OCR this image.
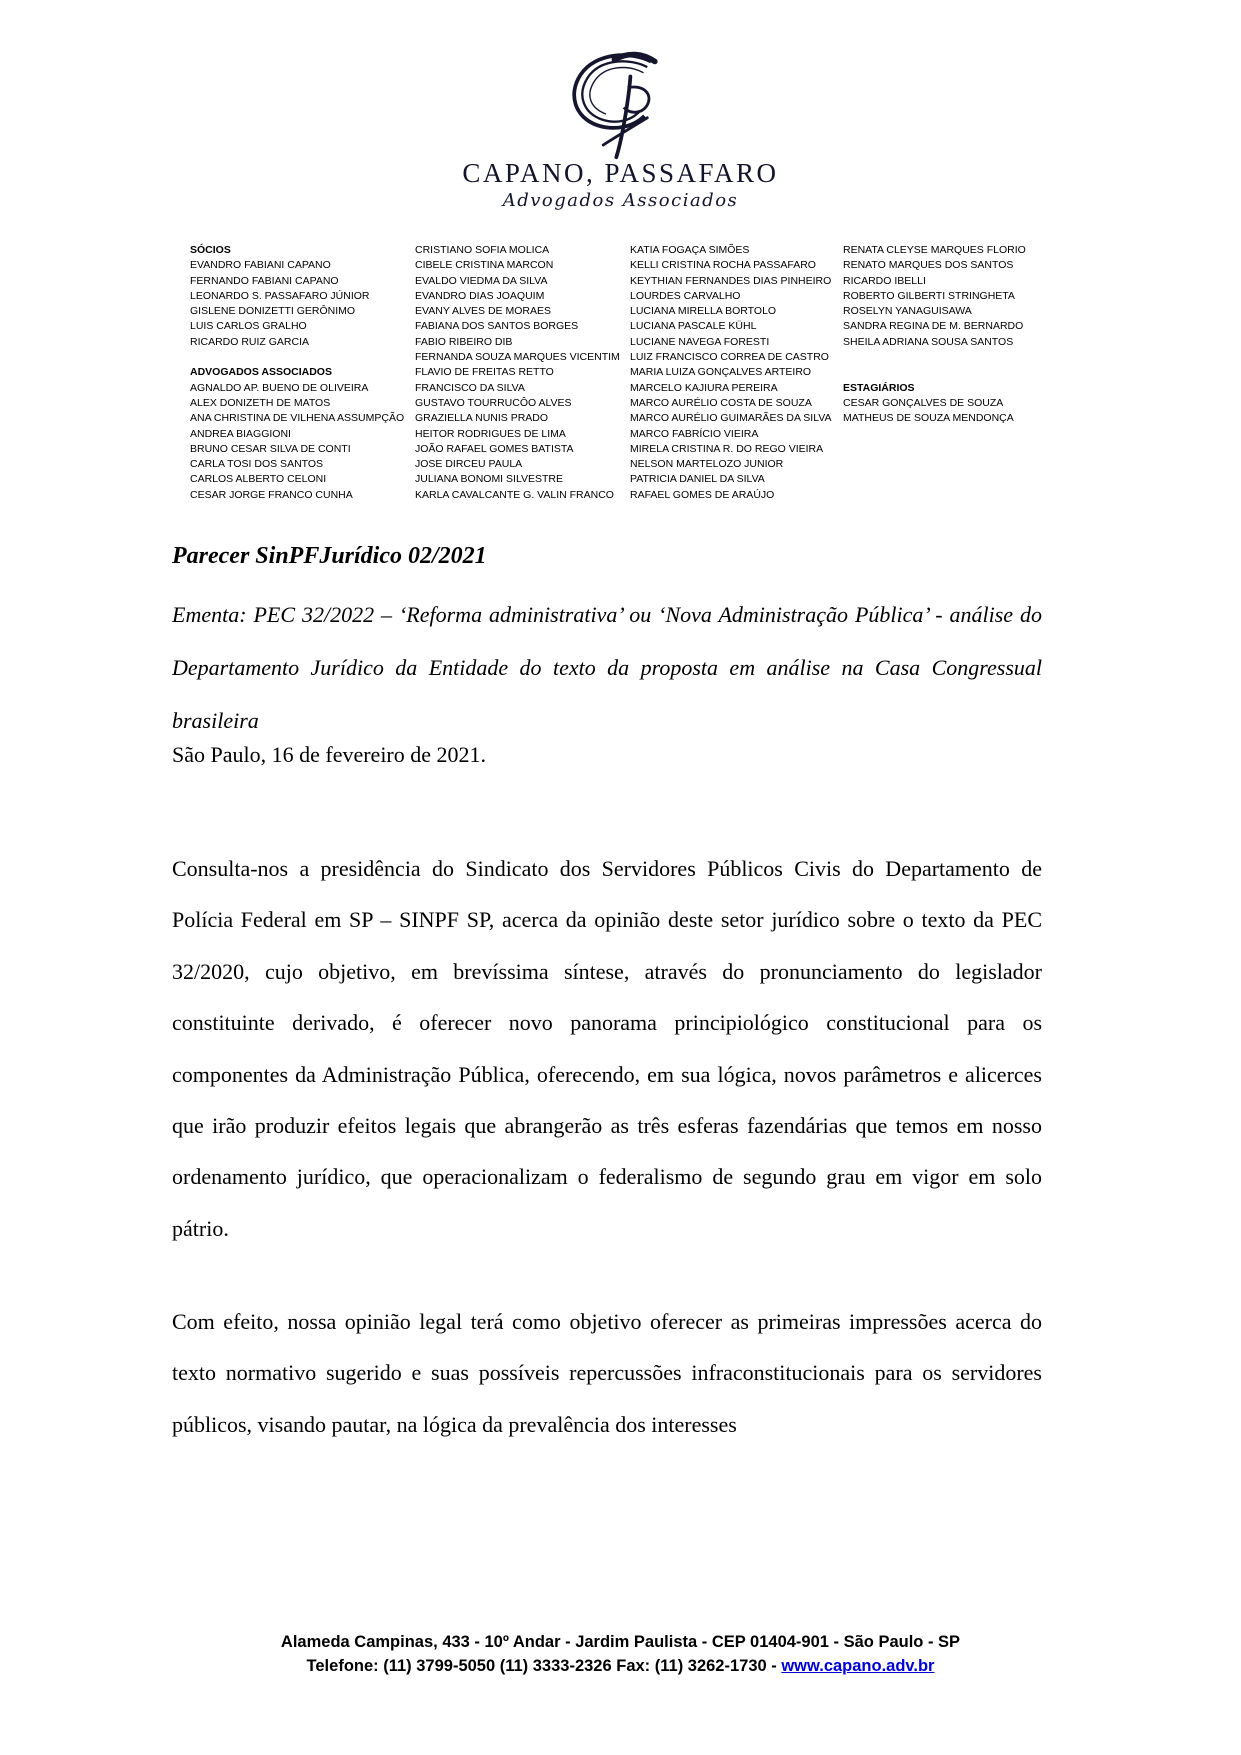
CAPANO, PASSAFARO
Advogados Associados
SÓCIOS
EVANDRO FABIANI CAPANO
FERNANDO FABIANI CAPANO
LEONARDO S. PASSAFARO JÚNIOR
GISLENE DONIZETTI GERÔNIMO
LUIS CARLOS GRALHO
RICARDO RUIZ GARCIA
ADVOGADOS ASSOCIADOS
AGNALDO AP. BUENO DE OLIVEIRA
ALEX DONIZETH DE MATOS
ANA CHRISTINA DE VILHENA ASSUMPÇÃO
ANDREA BIAGGIONI
BRUNO CESAR SILVA DE CONTI
CARLA TOSI DOS SANTOS
CARLOS ALBERTO CELONI
CESAR JORGE FRANCO CUNHA
CRISTIANO SOFIA MOLICA
CIBELE CRISTINA MARCON
EVALDO VIEDMA DA SILVA
EVANDRO DIAS JOAQUIM
EVANY ALVES DE MORAES
FABIANA DOS SANTOS BORGES
FABIO RIBEIRO DIB
FERNANDA SOUZA MARQUES VICENTIM
FLAVIO DE FREITAS RETTO
FRANCISCO DA SILVA
GUSTAVO TOURRUCÔO ALVES
GRAZIELLA NUNIS PRADO
HEITOR RODRIGUES DE LIMA
JOÃO RAFAEL GOMES BATISTA
JOSE DIRCEU PAULA
JULIANA BONOMI SILVESTRE
KARLA CAVALCANTE G. VALIN FRANCO
KATIA FOGAÇA SIMÕES
KELLI CRISTINA ROCHA PASSAFARO
KEYTHIAN FERNANDES DIAS PINHEIRO
LOURDES CARVALHO
LUCIANA MIRELLA BORTOLO
LUCIANA PASCALE KÜHL
LUCIANE NAVEGA FORESTI
LUIZ FRANCISCO CORREA DE CASTRO
MARIA LUIZA GONÇALVES ARTEIRO
MARCELO KAJIURA PEREIRA
MARCO AURÉLIO COSTA DE SOUZA
MARCO AURÉLIO GUIMARÃES DA SILVA
MARCO FABRÍCIO VIEIRA
MIRELA CRISTINA R. DO REGO VIEIRA
NELSON MARTELOZO JUNIOR
PATRICIA DANIEL DA SILVA
RAFAEL GOMES DE ARAÚJO
RENATA CLEYSE MARQUES FLORIO
RENATO MARQUES DOS SANTOS
RICARDO IBELLI
ROBERTO GILBERTI STRINGHETA
ROSELYN YANAGUISAWA
SANDRA REGINA DE M. BERNARDO
SHEILA ADRIANA SOUSA SANTOS
ESTAGIÁRIOS
CESAR GONÇALVES DE SOUZA
MATHEUS DE SOUZA MENDONÇA
Parecer SinPFJurídico 02/2021
Ementa: PEC 32/2022 – ‘Reforma administrativa’ ou ‘Nova Administração Pública’ - análise do Departamento Jurídico da Entidade do texto da proposta em análise na Casa Congressual brasileira
São Paulo, 16 de fevereiro de 2021.
Consulta-nos a presidência do Sindicato dos Servidores Públicos Civis do Departamento de Polícia Federal em SP – SINPF SP, acerca da opinião deste setor jurídico sobre o texto da PEC 32/2020, cujo objetivo, em brevíssima síntese, através do pronunciamento do legislador constituinte derivado, é oferecer novo panorama principiológico constitucional para os componentes da Administração Pública, oferecendo, em sua lógica, novos parâmetros e alicerces que irão produzir efeitos legais que abrangerão as três esferas fazendárias que temos em nosso ordenamento jurídico, que operacionalizam o federalismo de segundo grau em vigor em solo pátrio.
Com efeito, nossa opinião legal terá como objetivo oferecer as primeiras impressões acerca do texto normativo sugerido e suas possíveis repercussões infraconstitucionais para os servidores públicos, visando pautar, na lógica da prevalência dos interesses
Alameda Campinas, 433 - 10º Andar - Jardim Paulista - CEP 01404-901 - São Paulo - SP
Telefone: (11) 3799-5050 (11) 3333-2326 Fax: (11) 3262-1730 - www.capano.adv.br
